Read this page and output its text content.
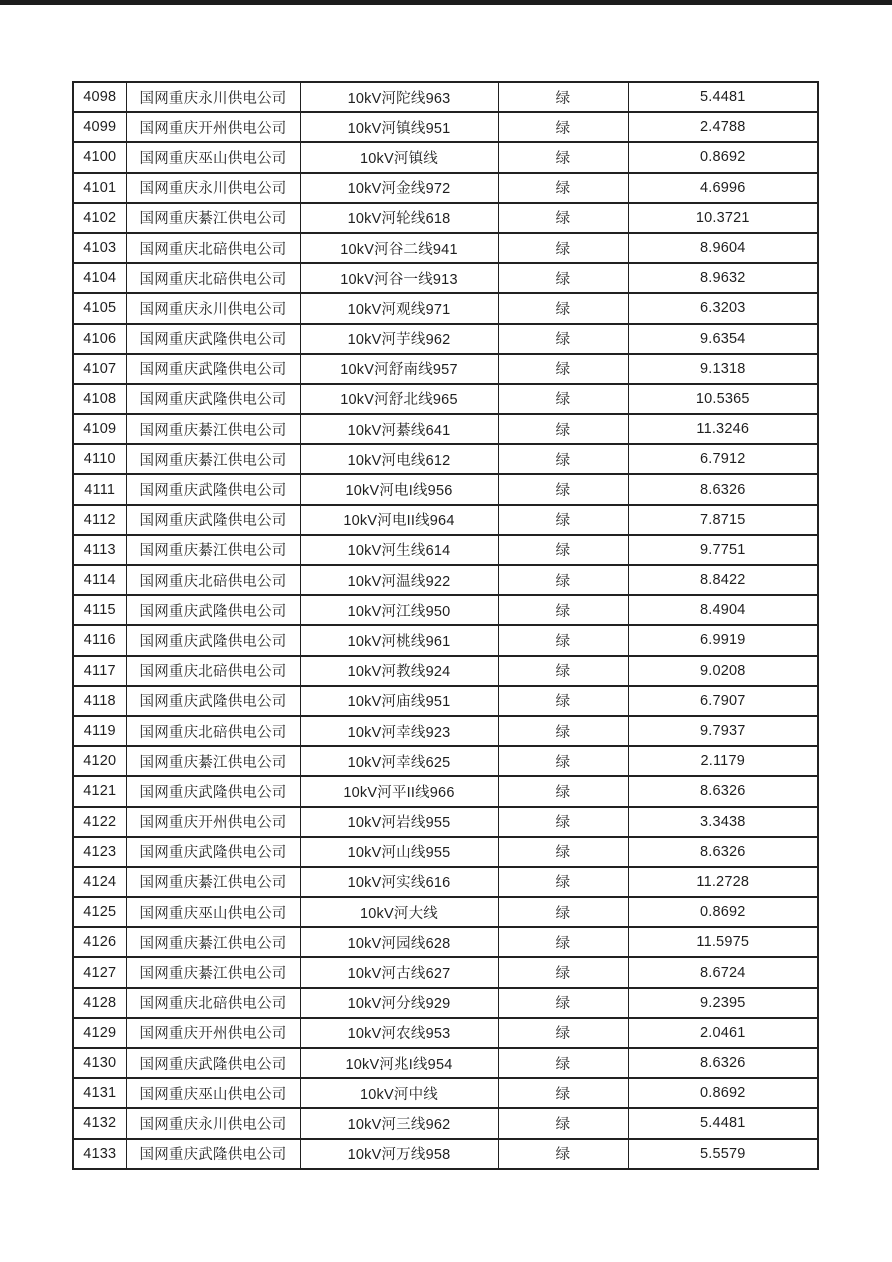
4098	国网重庆永川供电公司	10kV河陀线963	绿	5.4481
4099	国网重庆开州供电公司	10kV河镇线951	绿	2.4788
4100	国网重庆巫山供电公司	10kV河镇线	绿	0.8692
4101	国网重庆永川供电公司	10kV河金线972	绿	4.6996
4102	国网重庆綦江供电公司	10kV河轮线618	绿	10.3721
4103	国网重庆北碚供电公司	10kV河谷二线941	绿	8.9604
4104	国网重庆北碚供电公司	10kV河谷一线913	绿	8.9632
4105	国网重庆永川供电公司	10kV河观线971	绿	6.3203
4106	国网重庆武隆供电公司	10kV河芋线962	绿	9.6354
4107	国网重庆武隆供电公司	10kV河舒南线957	绿	9.1318
4108	国网重庆武隆供电公司	10kV河舒北线965	绿	10.5365
4109	国网重庆綦江供电公司	10kV河綦线641	绿	11.3246
4110	国网重庆綦江供电公司	10kV河电线612	绿	6.7912
4111	国网重庆武隆供电公司	10kV河电I线956	绿	8.6326
4112	国网重庆武隆供电公司	10kV河电II线964	绿	7.8715
4113	国网重庆綦江供电公司	10kV河生线614	绿	9.7751
4114	国网重庆北碚供电公司	10kV河温线922	绿	8.8422
4115	国网重庆武隆供电公司	10kV河江线950	绿	8.4904
4116	国网重庆武隆供电公司	10kV河桃线961	绿	6.9919
4117	国网重庆北碚供电公司	10kV河教线924	绿	9.0208
4118	国网重庆武隆供电公司	10kV河庙线951	绿	6.7907
4119	国网重庆北碚供电公司	10kV河幸线923	绿	9.7937
4120	国网重庆綦江供电公司	10kV河幸线625	绿	2.1179
4121	国网重庆武隆供电公司	10kV河平II线966	绿	8.6326
4122	国网重庆开州供电公司	10kV河岩线955	绿	3.3438
4123	国网重庆武隆供电公司	10kV河山线955	绿	8.6326
4124	国网重庆綦江供电公司	10kV河实线616	绿	11.2728
4125	国网重庆巫山供电公司	10kV河大线	绿	0.8692
4126	国网重庆綦江供电公司	10kV河园线628	绿	11.5975
4127	国网重庆綦江供电公司	10kV河古线627	绿	8.6724
4128	国网重庆北碚供电公司	10kV河分线929	绿	9.2395
4129	国网重庆开州供电公司	10kV河农线953	绿	2.0461
4130	国网重庆武隆供电公司	10kV河兆I线954	绿	8.6326
4131	国网重庆巫山供电公司	10kV河中线	绿	0.8692
4132	国网重庆永川供电公司	10kV河三线962	绿	5.4481
4133	国网重庆武隆供电公司	10kV河万线958	绿	5.5579
